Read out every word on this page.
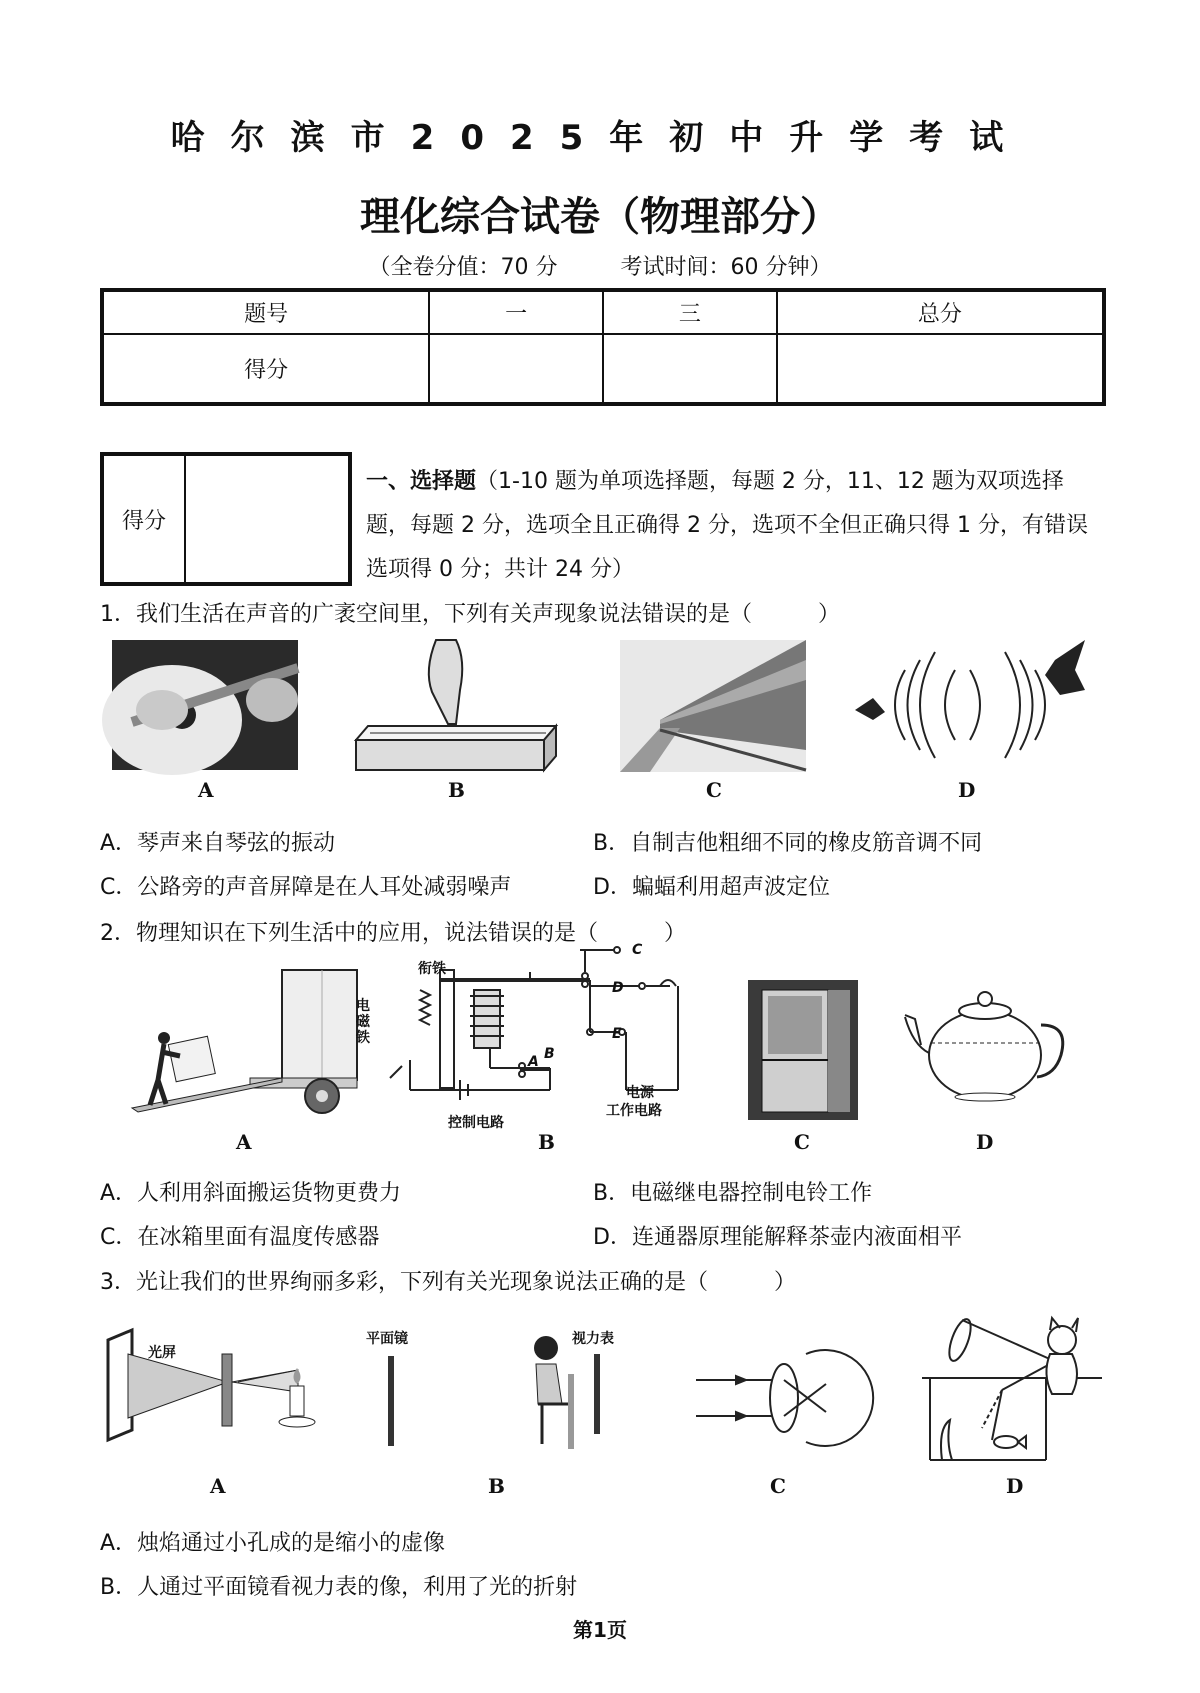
哈尔滨市2025年初中升学考试
理化综合试卷（物理部分）
（全卷分值：70 分	考试时间：60 分钟）
题号	一	三	总分
得分			
得分
一、选择题（1-10 题为单项选择题，每题 2 分，11、12 题为双项选择题，每题 2 分，选项全且正确得 2 分，选项不全但正确只得 1 分，有错误选项得 0 分；共计 24 分）
1．我们生活在声音的广袤空间里，下列有关声现象说法错误的是（　　　）
A	B	C	D
A．琴声来自琴弦的振动	B．自制吉他粗细不同的橡皮筋音调不同
C．公路旁的声音屏障是在人耳处减弱噪声	D．蝙蝠利用超声波定位
2．物理知识在下列生活中的应用，说法错误的是（　　　）
A
衔铁
电磁铁
C
D
E
A B
电源
工作电路
控制电路
B	C	D
A．人利用斜面搬运货物更费力	B．电磁继电器控制电铃工作
C．在冰箱里面有温度传感器	D．连通器原理能解释茶壶内液面相平
3．光让我们的世界绚丽多彩，下列有关光现象说法正确的是（　　　）
光屏
A
平面镜	视力表
B	C	D
A．烛焰通过小孔成的是缩小的虚像
B．人通过平面镜看视力表的像，利用了光的折射
第1页
